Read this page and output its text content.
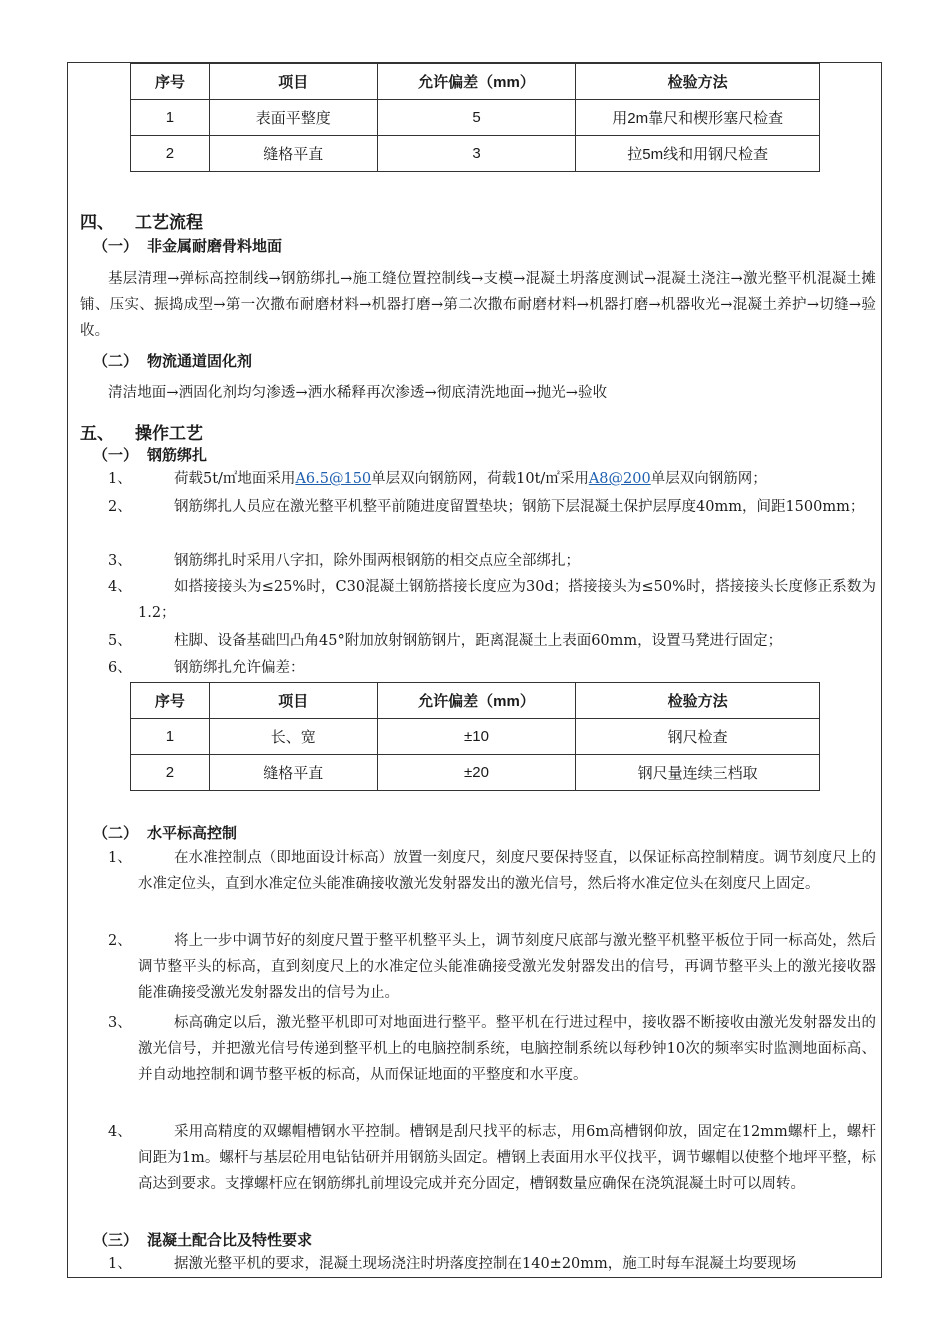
序号	项目	允许偏差（mm）	检验方法
1	表面平整度	5	用2m靠尺和楔形塞尺检查
2	缝格平直	3	拉5m线和用钢尺检查
四、 工艺流程
（一） 非金属耐磨骨料地面
基层清理→弹标高控制线→钢筋绑扎→施工缝位置控制线→支模→混凝土坍落度测试→混凝土浇注→激光整平机混凝土摊铺、压实、振捣成型→第一次撒布耐磨材料→机器打磨→第二次撒布耐磨材料→机器打磨→机器收光→混凝土养护→切缝→验收。
（二） 物流通道固化剂
清洁地面→洒固化剂均匀渗透→洒水稀释再次渗透→彻底清洗地面→抛光→验收
五、 操作工艺
（一） 钢筋绑扎
1、	荷载5t/㎡地面采用A6.5@150单层双向钢筋网，荷载10t/㎡采用A8@200单层双向钢筋网；
2、	钢筋绑扎人员应在激光整平机整平前随进度留置垫块；钢筋下层混凝土保护层厚度40mm，间距1500mm；
3、	钢筋绑扎时采用八字扣，除外围两根钢筋的相交点应全部绑扎；
4、	如搭接接头为≤25%时，C30混凝土钢筋搭接长度应为30d；搭接接头为≤50%时，搭接接头长度修正系数为1.2；
5、	柱脚、设备基础凹凸角45°附加放射钢筋钢片，距离混凝土上表面60mm，设置马凳进行固定；
6、	钢筋绑扎允许偏差：
序号	项目	允许偏差（mm）	检验方法
1	长、宽	±10	钢尺检查
2	缝格平直	±20	钢尺量连续三档取
（二） 水平标高控制
1、	在水准控制点（即地面设计标高）放置一刻度尺，刻度尺要保持竖直，以保证标高控制精度。调节刻度尺上的水准定位头，直到水准定位头能准确接收激光发射器发出的激光信号，然后将水准定位头在刻度尺上固定。
2、	将上一步中调节好的刻度尺置于整平机整平头上，调节刻度尺底部与激光整平机整平板位于同一标高处，然后调节整平头的标高，直到刻度尺上的水准定位头能准确接受激光发射器发出的信号，再调节整平头上的激光接收器能准确接受激光发射器发出的信号为止。
3、	标高确定以后，激光整平机即可对地面进行整平。整平机在行进过程中，接收器不断接收由激光发射器发出的激光信号，并把激光信号传递到整平机上的电脑控制系统，电脑控制系统以每秒钟10次的频率实时监测地面标高、并自动地控制和调节整平板的标高，从而保证地面的平整度和水平度。
4、	采用高精度的双螺帽槽钢水平控制。槽钢是刮尺找平的标志，用6m高槽钢仰放，固定在12mm螺杆上，螺杆间距为1m。螺杆与基层砼用电钻钻研并用钢筋头固定。槽钢上表面用水平仪找平，调节螺帽以使整个地坪平整，标高达到要求。支撑螺杆应在钢筋绑扎前埋设完成并充分固定，槽钢数量应确保在浇筑混凝土时可以周转。
（三） 混凝土配合比及特性要求
1、	据激光整平机的要求，混凝土现场浇注时坍落度控制在140±20mm，施工时每车混凝土均要现场
